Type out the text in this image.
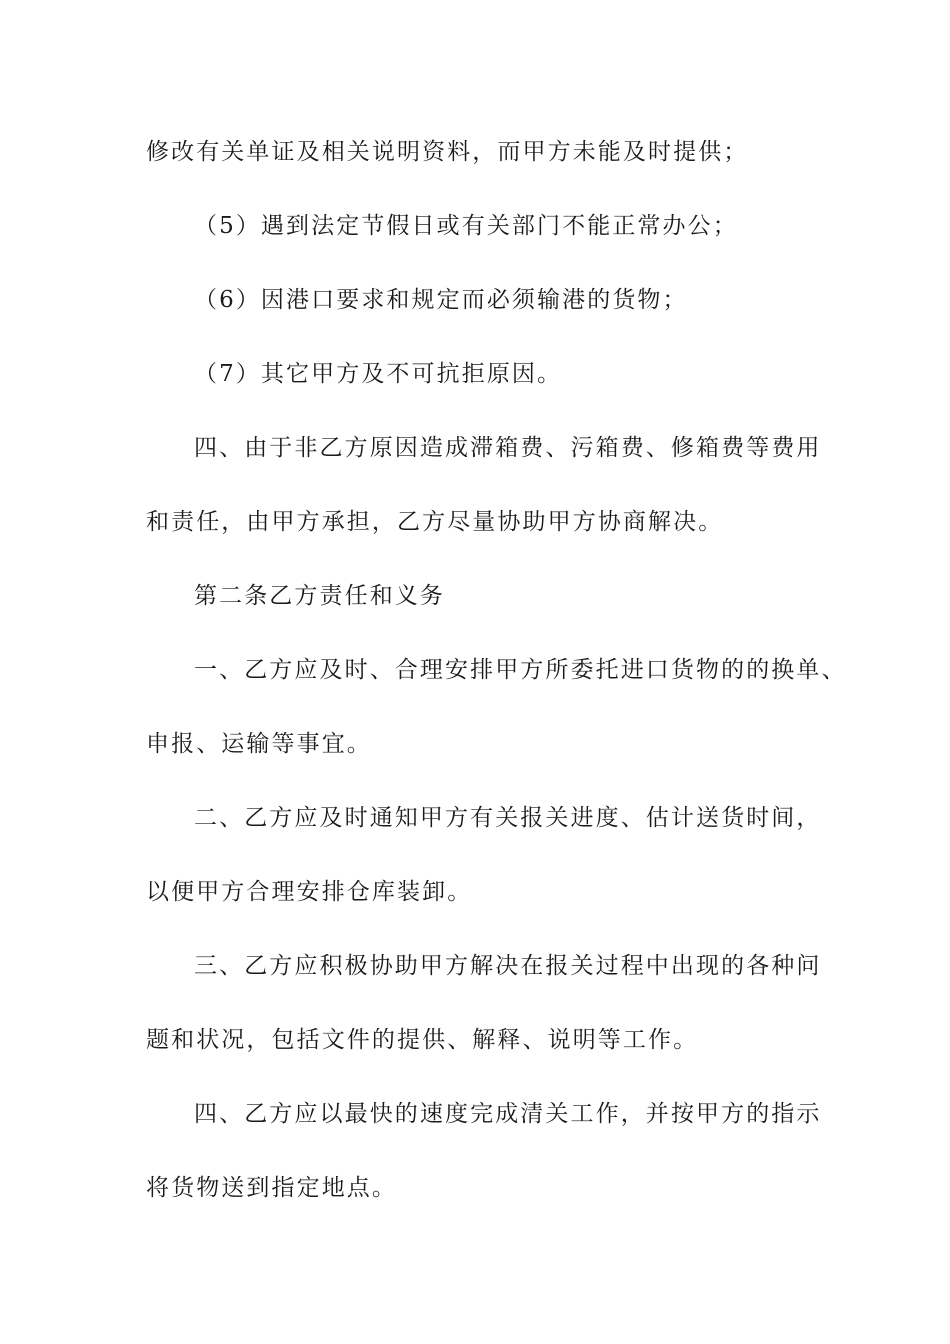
修改有关单证及相关说明资料，而甲方未能及时提供；
（5）遇到法定节假日或有关部门不能正常办公；
（6）因港口要求和规定而必须输港的货物；
（7）其它甲方及不可抗拒原因。
四、由于非乙方原因造成滞箱费、污箱费、修箱费等费用
和责任，由甲方承担，乙方尽量协助甲方协商解决。
第二条乙方责任和义务
一、乙方应及时、合理安排甲方所委托进口货物的的换单、
申报、运输等事宜。
二、乙方应及时通知甲方有关报关进度、估计送货时间，
以便甲方合理安排仓库装卸。
三、乙方应积极协助甲方解决在报关过程中出现的各种问
题和状况，包括文件的提供、解释、说明等工作。
四、乙方应以最快的速度完成清关工作，并按甲方的指示
将货物送到指定地点。
